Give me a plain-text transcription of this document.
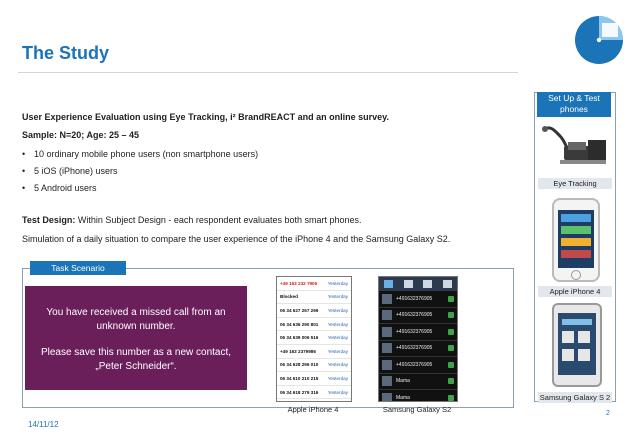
The Study
User Experience Evaluation using Eye Tracking, i² BrandREACT and an online survey.
Sample: N=20; Age: 25 – 45
• 10 ordinary mobile phone users (non smartphone users)
• 5 iOS (iPhone) users
• 5 Android users
Test Design: Within Subject Design - each respondent evaluates both smart phones.
Simulation of a daily situation to compare the user experience of the iPhone 4 and the Samsung Galaxy S2.
Set Up & Test
phones
Eye Tracking
Apple iPhone 4
Samsung Galaxy S 2
Task Scenario
You have received a missed call from an
unknown number.
Please save this number as a new contact,
„Peter Schneider“.
+49 163 232 7905 Yesterday
Blocked	Yesterday
06 34 627 267 269 Yesterday
06 34 636 290 801 Yesterday
06 34 639 006 516 Yesterday
+49 163 2379986	Yesterday
06 34 628 296 010 Yesterday
06 34 610 210 215 Yesterday
06 34 618 279 316 Yesterday
Apple iPhone 4
+491632376905
+491632376905
+491632376905
+491632376905
+491632376905
Mama
Mama
Samsung Galaxy S2
14/11/12
2
